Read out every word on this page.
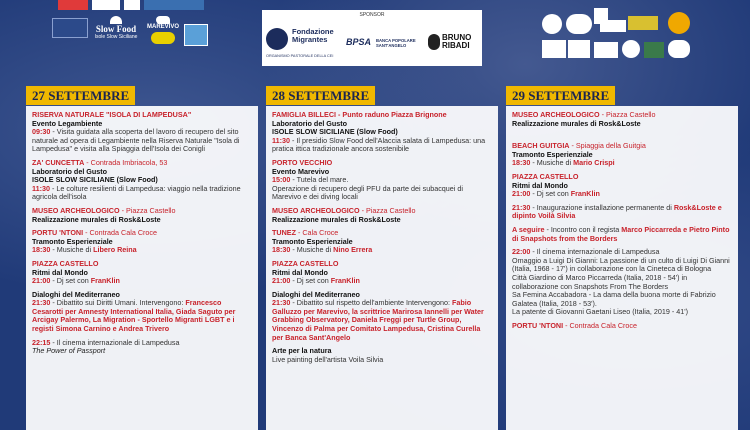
Slow Food
Isole Slow Siciliane
MAREVIVO
SPONSOR
Fondazione Migrantes
ORGANISMO PASTORALE DELLA CEI
BPSA BANCA POPOLARE SANT'ANGELO
BRUNO RIBADI
27 SETTEMBRE
RISERVA NATURALE "ISOLA DI LAMPEDUSA"
Evento Legambiente
09:30 - Visita guidata alla scoperta del lavoro di recupero del sito naturale ad opera di Legambiente nella Riserva Naturale "Isola di Lampedusa" e visita alla Spiaggia dell'Isola dei Conigli
ZA' CUNCETTA - Contrada Imbriacola, 53
Laboratorio del Gusto
ISOLE SLOW SICILIANE (Slow Food)
11:30 - Le colture resilienti di Lampedusa: viaggio nella tradizione agricola dell'isola
MUSEO ARCHEOLOGICO - Piazza Castello
Realizzazione murales di Rosk&Loste
PORTU 'NTONI - Contrada Cala Croce
Tramonto Esperienziale
18:30 - Musiche di Libero Reina
PIAZZA CASTELLO
Ritmi dal Mondo
21:00 - Dj set con FranKlin
Dialoghi del Mediterraneo
21:30 - Dibattito sui Diritti Umani. Intervengono: Francesco Cesarotti per Amnesty International Italia, Giada Saguto per Arcigay Palermo, La Migration - Sportello Migranti LGBT e i registi Simona Carnino e Andrea Trivero
22:15 - Il cinema internazionale di Lampedusa
The Power of Passport
28 SETTEMBRE
FAMIGLIA BILLECI - Punto raduno Piazza Brignone
Laboratorio del Gusto
ISOLE SLOW SICILIANE (Slow Food)
11:30 - Il presidio Slow Food dell'Alaccia salata di Lampedusa: una pratica ittica tradizionale ancora sostenibile
PORTO VECCHIO
Evento Marevivo
15:00 - Tutela del mare.
Operazione di recupero degli PFU da parte dei subacquei di Marevivo e dei diving locali
MUSEO ARCHEOLOGICO - Piazza Castello
Realizzazione murales di Rosk&Loste
TUNEZ - Cala Croce
Tramonto Esperienziale
18:30 - Musiche di Nino Errera
PIAZZA CASTELLO
Ritmi dal Mondo
21:00 - Dj set con FranKlin
Dialoghi del Mediterraneo
21:30 - Dibattito sul rispetto dell'ambiente Intervengono: Fabio Galluzzo per Marevivo, la scrittrice Marirosa Iannelli per Water Grabbing Observatory, Daniela Freggi per Turtle Group, Vincenzo di Palma per Comitato Lampedusa, Cristina Curella per Banca Sant'Angelo
Arte per la natura
Live painting dell'artista Voila Silvia
29 SETTEMBRE
MUSEO ARCHEOLOGICO - Piazza Castello
Realizzazione murales di Rosk&Loste
BEACH GUITGIA - Spiaggia della Guitgia
Tramonto Esperienziale
18:30 - Musiche di Mario Crispi
PIAZZA CASTELLO
Ritmi dal Mondo
21:00 - Dj set con FranKlin
21:30 - Inaugurazione installazione permanente di Rosk&Loste e dipinto Voilà Silvia
A seguire - Incontro con il regista Marco Piccarreda e Pietro Pinto di Snapshots from the Borders
22:00 - Il cinema internazionale di Lampedusa
Omaggio a Luigi Di Gianni: La passione di un culto di Luigi Di Gianni (Italia, 1968 - 17') in collaborazione con la Cineteca di Bologna
Città Giardino di Marco Piccarreda (Italia, 2018 - 54') in collaborazione con Snapshots From The Borders
Sa Femina Accabadora - La dama della buona morte di Fabrizio Galatea (Italia, 2018 - 53').
La patente di Giovanni Gaetani Liseo (Italia, 2019 - 41')
PORTU 'NTONI - Contrada Cala Croce
